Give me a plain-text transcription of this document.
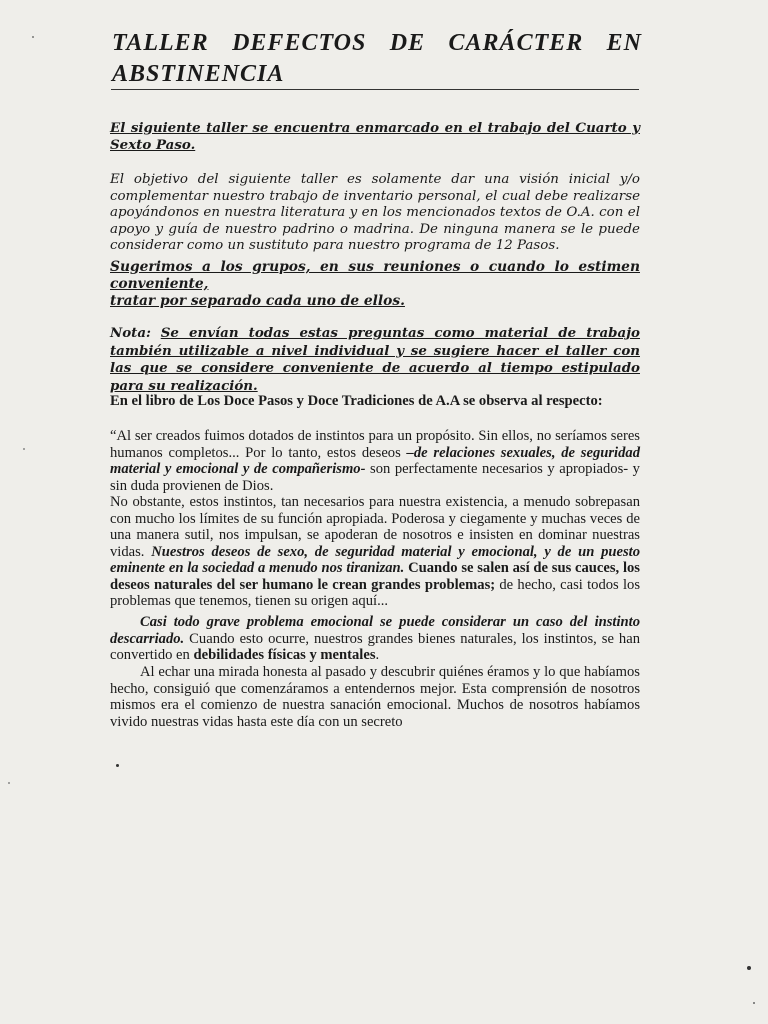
TALLER DEFECTOS DE CARÁCTER EN ABSTINENCIA
El siguiente taller se encuentra enmarcado en el trabajo del Cuarto y Sexto Paso.
El objetivo del siguiente taller es solamente dar una visión inicial y/o complementar nuestro trabajo de inventario personal, el cual debe realizarse apoyándonos en nuestra literatura y en los mencionados textos de O.A. con el apoyo y guía de nuestro padrino o madrina. De ninguna manera se le puede considerar como un sustituto para nuestro programa de 12 Pasos.
Sugerimos a los grupos, en sus reuniones o cuando lo estimen conveniente,
tratar por separado cada uno de ellos.
Nota: Se envían todas estas preguntas como material de trabajo también utilizable a nivel individual y se sugiere hacer el taller con las que se considere conveniente de acuerdo al tiempo estipulado para su realización.
En el libro de Los Doce Pasos y Doce Tradiciones de A.A se observa al respecto:
“Al ser creados fuimos dotados de instintos para un propósito. Sin ellos, no seríamos seres humanos completos... Por lo tanto, estos deseos –de relaciones sexuales, de seguridad material y emocional y de compañerismo- son perfectamente necesarios y apropiados- y sin duda provienen de Dios.
No obstante, estos instintos, tan necesarios para nuestra existencia, a menudo sobrepasan con mucho los límites de su función apropiada. Poderosa y ciegamente y muchas veces de una manera sutil, nos impulsan, se apoderan de nosotros e insisten en dominar nuestras vidas. Nuestros deseos de sexo, de seguridad material y emocional, y de un puesto eminente en la sociedad a menudo nos tiranizan. Cuando se salen así de sus cauces, los deseos naturales del ser humano le crean grandes problemas; de hecho, casi todos los problemas que tenemos, tienen su origen aquí...
Casi todo grave problema emocional se puede considerar un caso del instinto descarriado. Cuando esto ocurre, nuestros grandes bienes naturales, los instintos, se han convertido en debilidades físicas y mentales.
Al echar una mirada honesta al pasado y descubrir quiénes éramos y lo que habíamos hecho, consiguió que comenzáramos a entendernos mejor. Esta comprensión de nosotros mismos era el comienzo de nuestra sanación emocional. Muchos de nosotros habíamos vivido nuestras vidas hasta este día con un secreto
